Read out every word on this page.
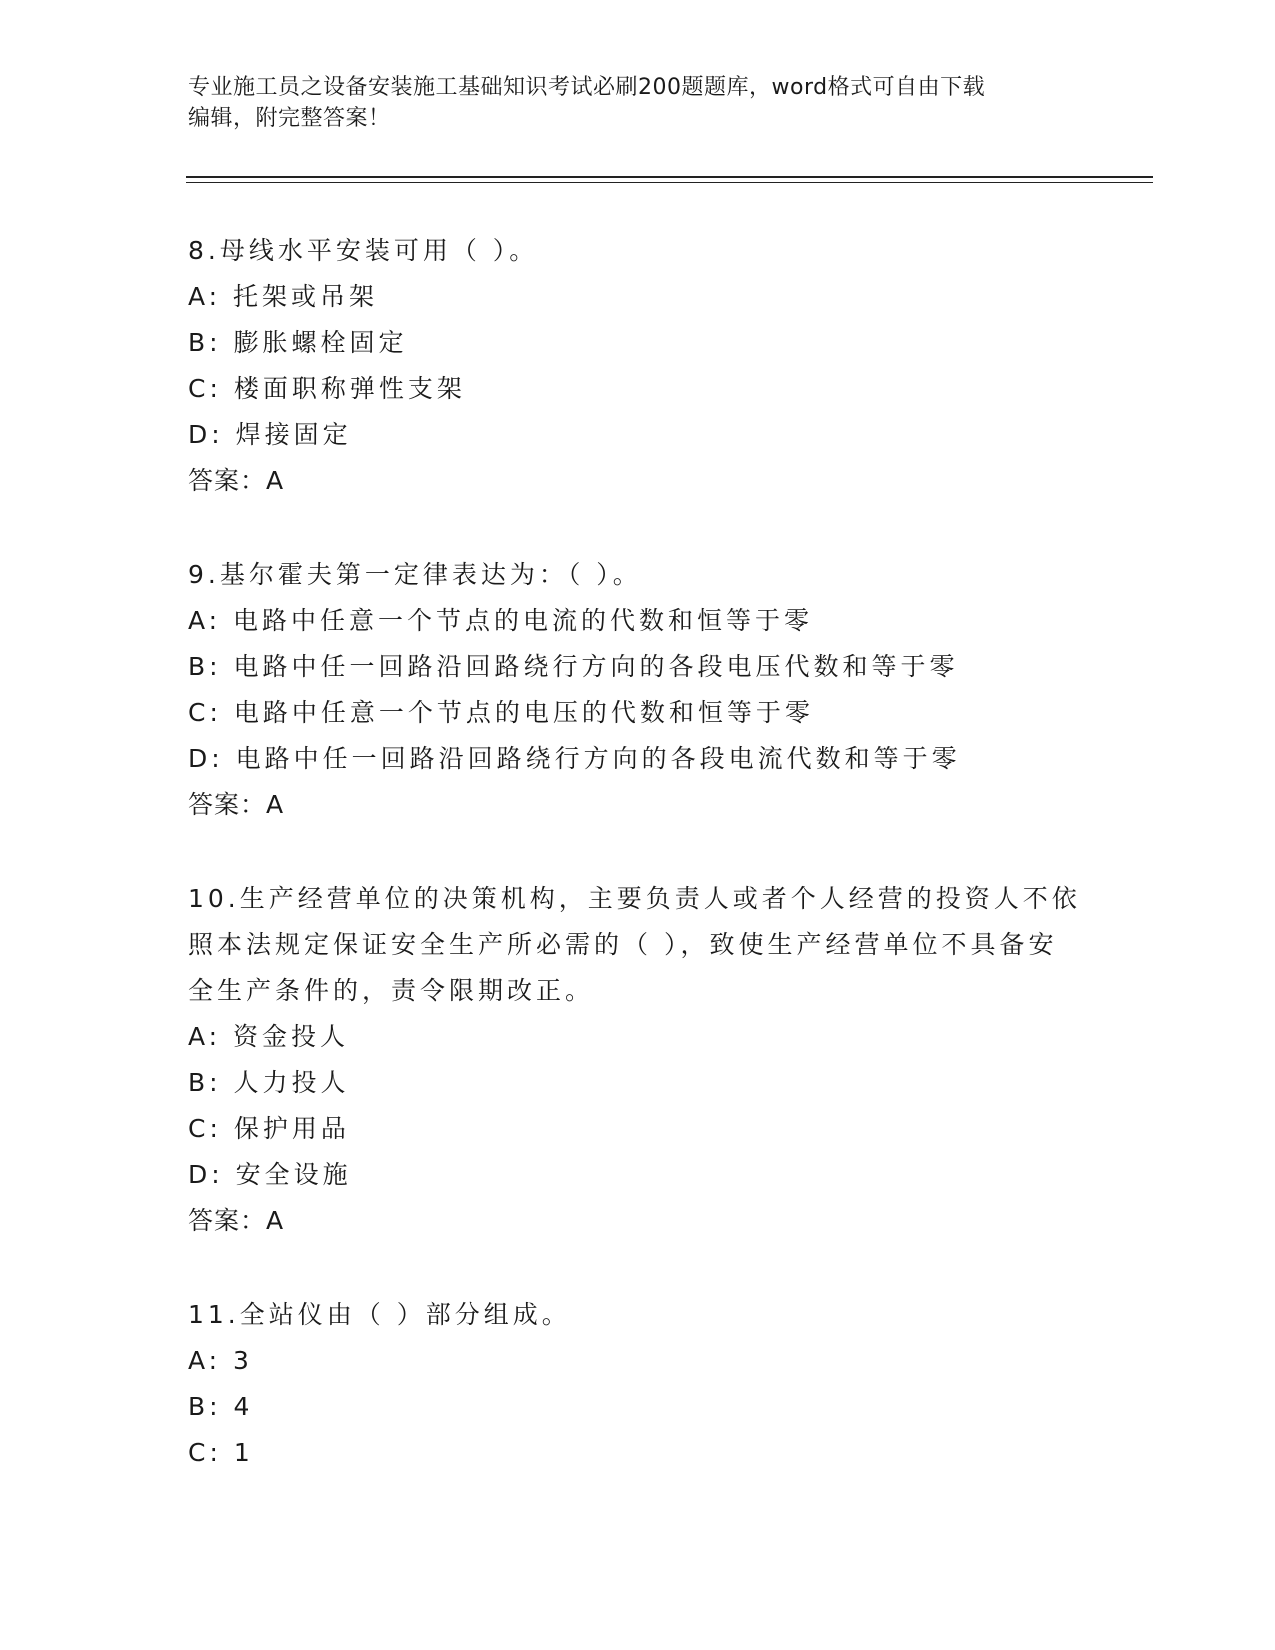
专业施工员之设备安装施工基础知识考试必刷200题题库，word格式可自由下载
编辑，附完整答案！
8.母线水平安装可用（ ）。
A: 托架或吊架
B: 膨胀螺栓固定
C: 楼面职称弹性支架
D: 焊接固定
答案：A
9.基尔霍夫第一定律表达为：（ ）。
A: 电路中任意一个节点的电流的代数和恒等于零
B: 电路中任一回路沿回路绕行方向的各段电压代数和等于零
C: 电路中任意一个节点的电压的代数和恒等于零
D: 电路中任一回路沿回路绕行方向的各段电流代数和等于零
答案：A
10.生产经营单位的决策机构，主要负责人或者个人经营的投资人不依
照本法规定保证安全生产所必需的（ ），致使生产经营单位不具备安
全生产条件的，责令限期改正。
A: 资金投人
B: 人力投人
C: 保护用品
D: 安全设施
答案：A
11.全站仪由（ ）部分组成。
A: 3
B: 4
C: 1
